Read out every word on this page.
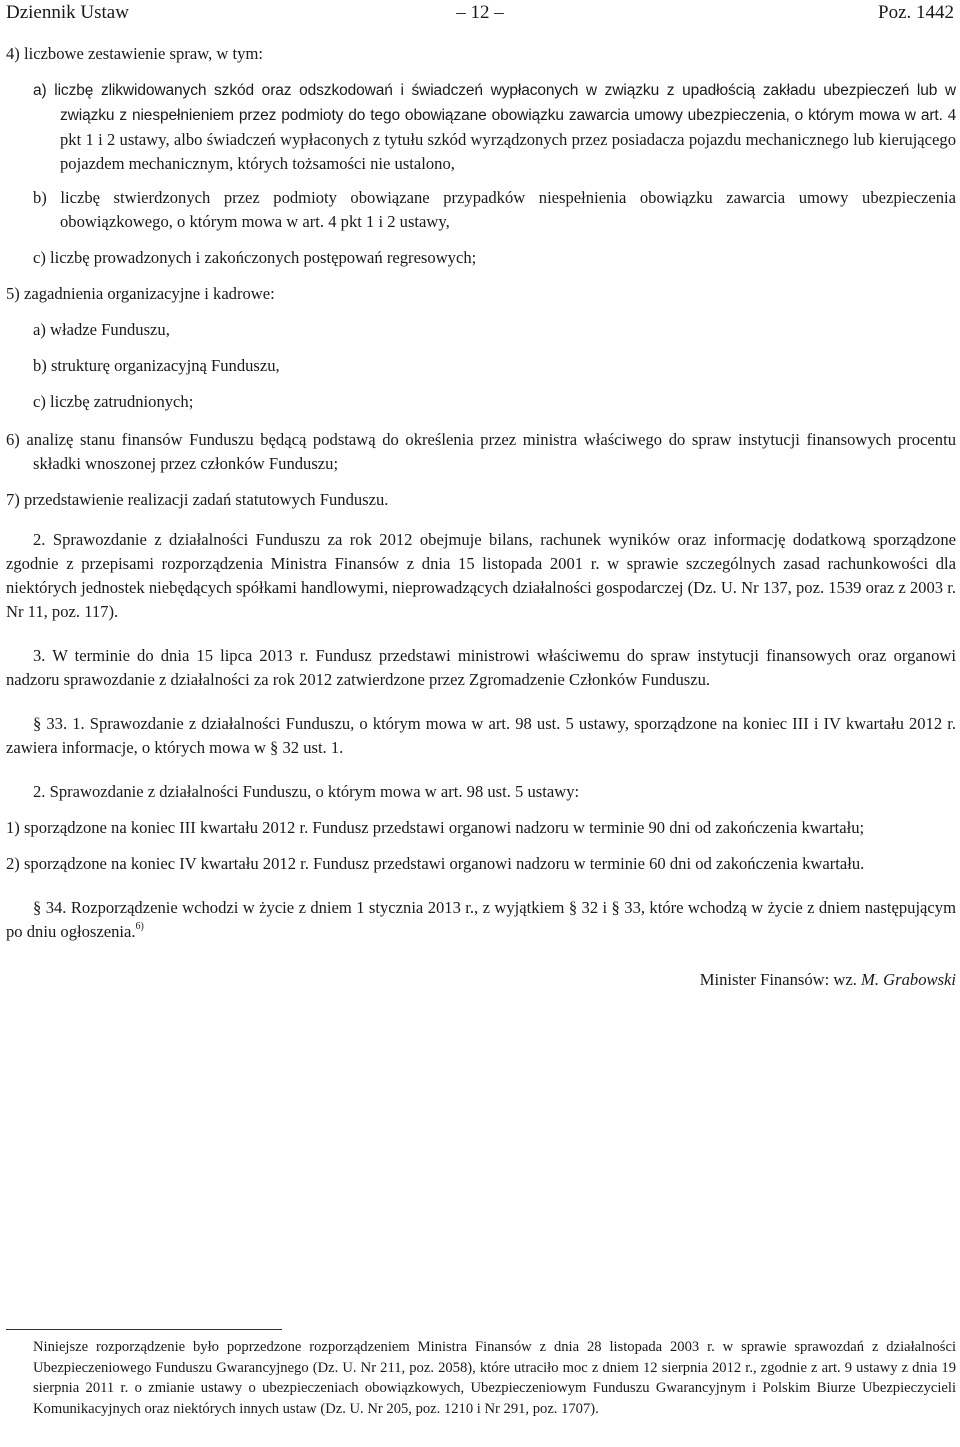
Dziennik Ustaw	– 12 –	Poz. 1442

4) liczbowe zestawienie spraw, w tym:

a) liczbę zlikwidowanych szkód oraz odszkodowań i świadczeń wypłaconych w związku z upadłością zakładu ubezpieczeń lub w związku z niespełnieniem przez podmioty do tego obowiązane obowiązku zawarcia umowy ubezpieczenia, o którym mowa w art. 4 pkt 1 i 2 ustawy, albo świadczeń wypłaconych z tytułu szkód wyrządzonych przez posiadacza pojazdu mechanicznego lub kierującego pojazdem mechanicznym, których tożsamości nie ustalono,

b) liczbę stwierdzonych przez podmioty obowiązane przypadków niespełnienia obowiązku zawarcia umowy ubezpieczenia obowiązkowego, o którym mowa w art. 4 pkt 1 i 2 ustawy,

c) liczbę prowadzonych i zakończonych postępowań regresowych;

5) zagadnienia organizacyjne i kadrowe:

a) władze Funduszu,

b) strukturę organizacyjną Funduszu,

c) liczbę zatrudnionych;

6) analizę stanu finansów Funduszu będącą podstawą do określenia przez ministra właściwego do spraw instytucji finansowych procentu składki wnoszonej przez członków Funduszu;

7) przedstawienie realizacji zadań statutowych Funduszu.

2. Sprawozdanie z działalności Funduszu za rok 2012 obejmuje bilans, rachunek wyników oraz informację dodatkową sporządzone zgodnie z przepisami rozporządzenia Ministra Finansów z dnia 15 listopada 2001 r. w sprawie szczególnych zasad rachunkowości dla niektórych jednostek niebędących spółkami handlowymi, nieprowadzących działalności gospodarczej (Dz. U. Nr 137, poz. 1539 oraz z 2003 r. Nr 11, poz. 117).

3. W terminie do dnia 15 lipca 2013 r. Fundusz przedstawi ministrowi właściwemu do spraw instytucji finansowych oraz organowi nadzoru sprawozdanie z działalności za rok 2012 zatwierdzone przez Zgromadzenie Członków Funduszu.

§ 33. 1. Sprawozdanie z działalności Funduszu, o którym mowa w art. 98 ust. 5 ustawy, sporządzone na koniec III i IV kwartału 2012 r. zawiera informacje, o których mowa w § 32 ust. 1.

2. Sprawozdanie z działalności Funduszu, o którym mowa w art. 98 ust. 5 ustawy:

1) sporządzone na koniec III kwartału 2012 r. Fundusz przedstawi organowi nadzoru w terminie 90 dni od zakończenia kwartału;

2) sporządzone na koniec IV kwartału 2012 r. Fundusz przedstawi organowi nadzoru w terminie 60 dni od zakończenia kwartału.

§ 34. Rozporządzenie wchodzi w życie z dniem 1 stycznia 2013 r., z wyjątkiem § 32 i § 33, które wchodzą w życie z dniem następującym po dniu ogłoszenia.$^{6)}$

Minister Finansów: wz. M. Grabowski

Niniejsze rozporządzenie było poprzedzone rozporządzeniem Ministra Finansów z dnia 28 listopada 2003 r. w sprawie sprawozdań z działalności Ubezpieczeniowego Funduszu Gwarancyjnego (Dz. U. Nr 211, poz. 2058), które utraciło moc z dniem 12 sierpnia 2012 r., zgodnie z art. 9 ustawy z dnia 19 sierpnia 2011 r. o zmianie ustawy o ubezpieczeniach obowiązkowych, Ubezpieczeniowym Funduszu Gwarancyjnym i Polskim Biurze Ubezpieczycieli Komunikacyjnych oraz niektórych innych ustaw (Dz. U. Nr 205, poz. 1210 i Nr 291, poz. 1707).
